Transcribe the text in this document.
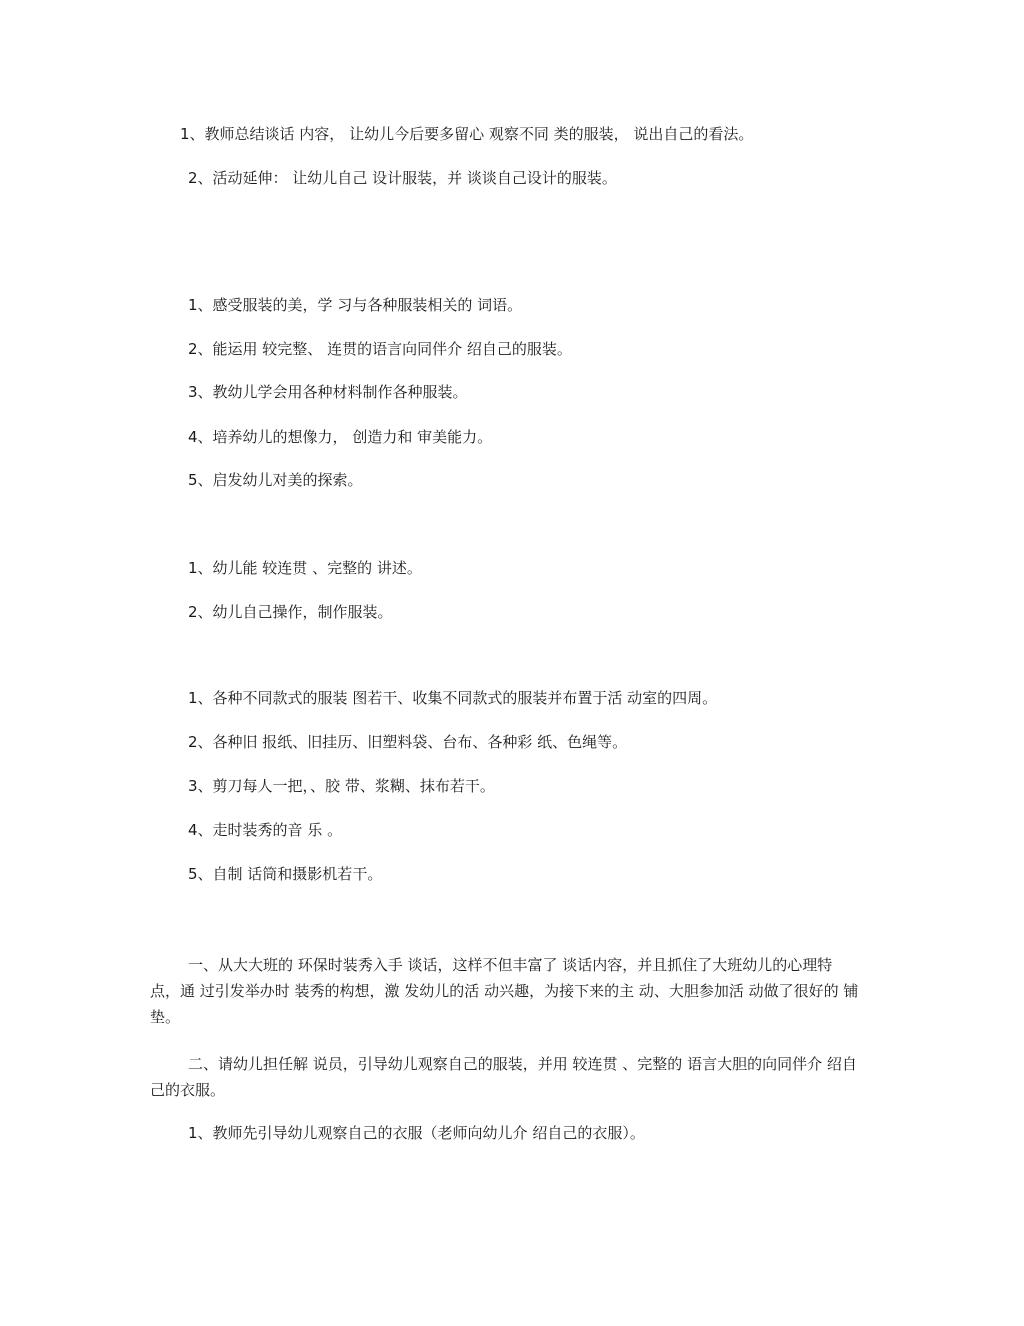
1、教师总结谈话 内容， 让幼儿今后要多留心 观察不同 类的服装， 说出自己的看法。

2、活动延伸： 让幼儿自己 设计服装，并 谈谈自己设计的服装。

1、感受服装的美，学 习与各种服装相关的 词语。

2、能运用 较完整、 连贯的语言向同伴介 绍自己的服装。

3、教幼儿学会用各种材料制作各种服装。

4、培养幼儿的想像力， 创造力和 审美能力。

5、启发幼儿对美的探索。

1、幼儿能 较连贯 、完整的 讲述。

2、幼儿自己操作，制作服装。

1、各种不同款式的服装 图若干、收集不同款式的服装并布置于活 动室的四周。

2、各种旧 报纸、旧挂历、旧塑料袋、台布、各种彩 纸、色绳等。

3、剪刀每人一把，、胶 带、浆糊、抹布若干。

4、走时装秀的音 乐 。

5、自制 话筒和摄影机若干。

一、从大大班的 环保时装秀入手 谈话，这样不但丰富了 谈话内容，并且抓住了大班幼儿的心理特点，通 过引发举办时 装秀的构想，激 发幼儿的活 动兴趣，为接下来的主 动、大胆参加活 动做了很好的 铺垫。

二、请幼儿担任解 说员，引导幼儿观察自己的服装，并用 较连贯 、完整的 语言大胆的向同伴介 绍自己的衣服。

1、教师先引导幼儿观察自己的衣服（老师向幼儿介 绍自己的衣服）。
